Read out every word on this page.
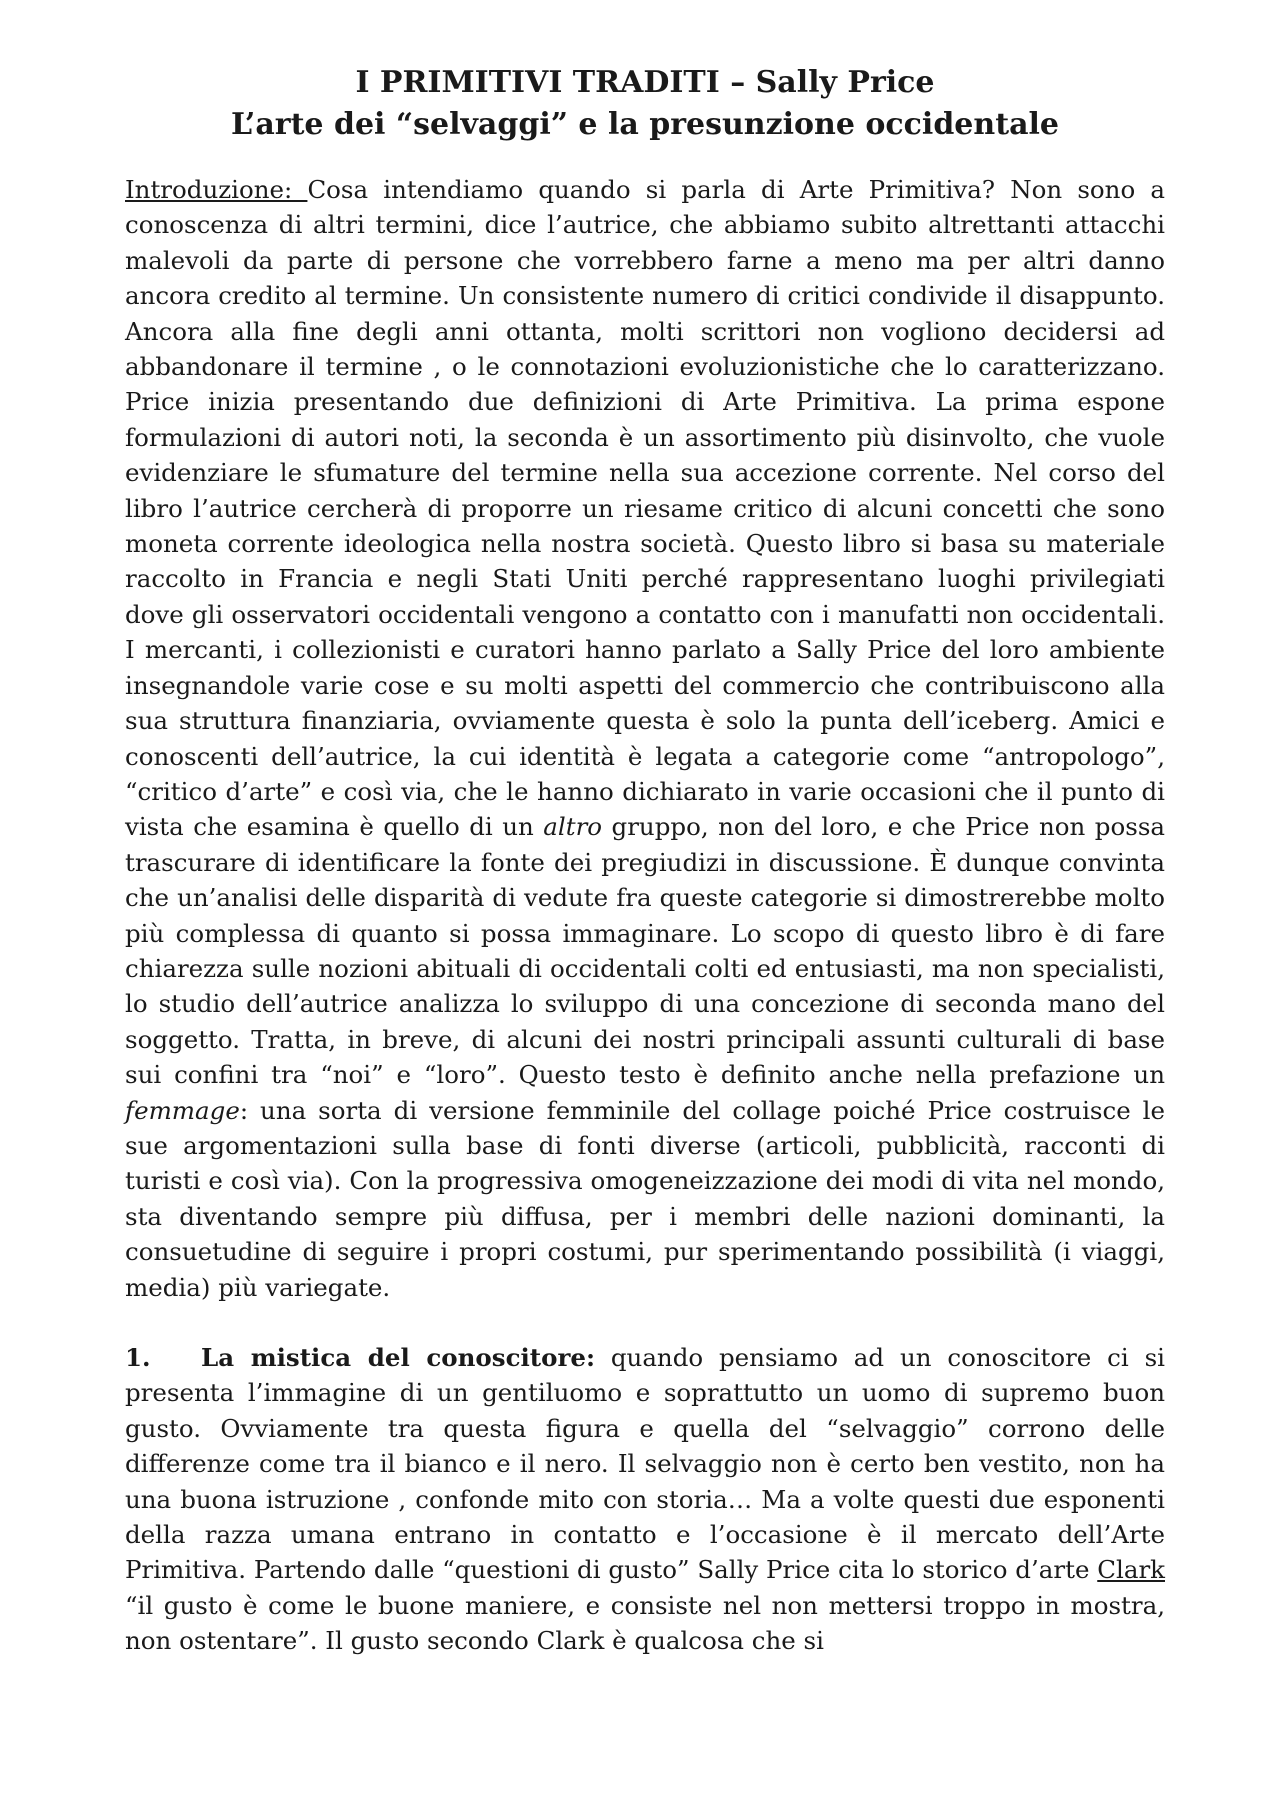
I PRIMITIVI TRADITI – Sally Price
L’arte dei “selvaggi” e la presunzione occidentale

Introduzione: Cosa intendiamo quando si parla di Arte Primitiva? Non sono a conoscenza di altri termini, dice l’autrice, che abbiamo subito altrettanti attacchi malevoli da parte di persone che vorrebbero farne a meno ma per altri danno ancora credito al termine. Un consistente numero di critici condivide il disappunto. Ancora alla fine degli anni ottanta, molti scrittori non vogliono decidersi ad abbandonare il termine , o le connotazioni evoluzionistiche che lo caratterizzano. Price inizia presentando due definizioni di Arte Primitiva. La prima espone formulazioni di autori noti, la seconda è un assortimento più disinvolto, che vuole evidenziare le sfumature del termine nella sua accezione corrente. Nel corso del libro l’autrice cercherà di proporre un riesame critico di alcuni concetti che sono moneta corrente ideologica nella nostra società. Questo libro si basa su materiale raccolto in Francia e negli Stati Uniti perché rappresentano luoghi privilegiati dove gli osservatori occidentali vengono a contatto con i manufatti non occidentali. I mercanti, i collezionisti e curatori hanno parlato a Sally Price del loro ambiente insegnandole varie cose e su molti aspetti del commercio che contribuiscono alla sua struttura finanziaria, ovviamente questa è solo la punta dell’iceberg. Amici e conoscenti dell’autrice, la cui identità è legata a categorie come “antropologo”, “critico d’arte” e così via, che le hanno dichiarato in varie occasioni che il punto di vista che esamina è quello di un altro gruppo, non del loro, e che Price non possa trascurare di identificare la fonte dei pregiudizi in discussione. È dunque convinta che un’analisi delle disparità di vedute fra queste categorie si dimostrerebbe molto più complessa di quanto si possa immaginare. Lo scopo di questo libro è di fare chiarezza sulle nozioni abituali di occidentali colti ed entusiasti, ma non specialisti, lo studio dell’autrice analizza lo sviluppo di una concezione di seconda mano del soggetto. Tratta, in breve, di alcuni dei nostri principali assunti culturali di base sui confini tra “noi” e “loro”. Questo testo è definito anche nella prefazione un femmage: una sorta di versione femminile del collage poiché Price costruisce le sue argomentazioni sulla base di fonti diverse (articoli, pubblicità, racconti di turisti e così via). Con la progressiva omogeneizzazione dei modi di vita nel mondo, sta diventando sempre più diffusa, per i membri delle nazioni dominanti, la consuetudine di seguire i propri costumi, pur sperimentando possibilità (i viaggi, media) più variegate.

1. La mistica del conoscitore: quando pensiamo ad un conoscitore ci si presenta l’immagine di un gentiluomo e soprattutto un uomo di supremo buon gusto. Ovviamente tra questa figura e quella del “selvaggio” corrono delle differenze come tra il bianco e il nero. Il selvaggio non è certo ben vestito, non ha una buona istruzione , confonde mito con storia… Ma a volte questi due esponenti della razza umana entrano in contatto e l’occasione è il mercato dell’Arte Primitiva. Partendo dalle “questioni di gusto” Sally Price cita lo storico d’arte Clark “il gusto è come le buone maniere, e consiste nel non mettersi troppo in mostra, non ostentare”. Il gusto secondo Clark è qualcosa che si
